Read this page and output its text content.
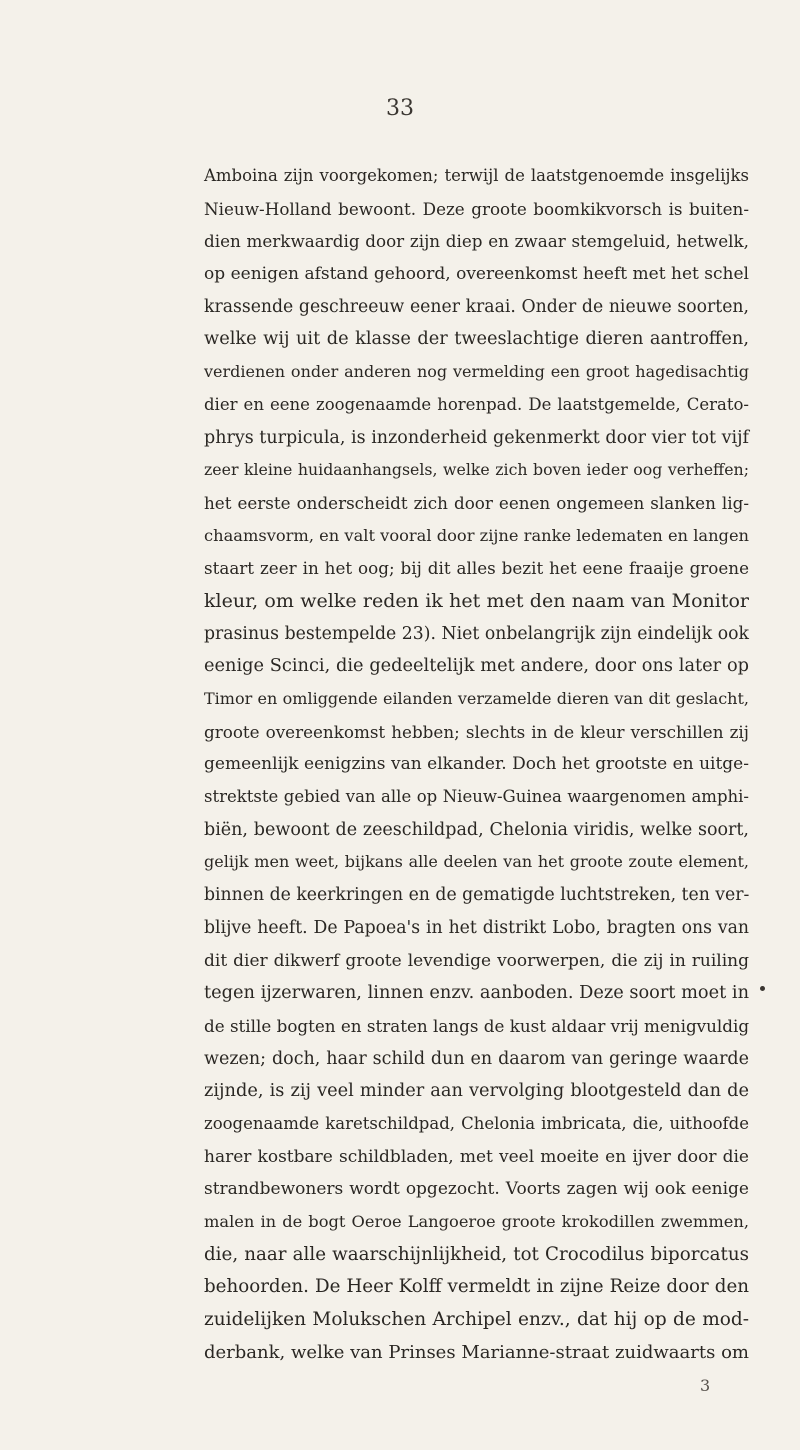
33

Amboina zijn voorgekomen; terwijl de laatstgenoemde insgelijks
Nieuw-Holland bewoont. Deze groote boomkikvorsch is buiten-
dien merkwaardig door zijn diep en zwaar stemgeluid, hetwelk,
op eenigen afstand gehoord, overeenkomst heeft met het schel
krassende geschreeuw eener kraai. Onder de nieuwe soorten,
welke wij uit de klasse der tweeslachtige dieren aantroffen,
verdienen onder anderen nog vermelding een groot hagedisachtig
dier en eene zoogenaamde horenpad. De laatstgemelde, Cerato-
phrys turpicula, is inzonderheid gekenmerkt door vier tot vijf
zeer kleine huidaanhangsels, welke zich boven ieder oog verheffen;
het eerste onderscheidt zich door eenen ongemeen slanken lig-
chaamsvorm, en valt vooral door zijne ranke ledematen en langen
staart zeer in het oog; bij dit alles bezit het eene fraaije groene
kleur, om welke reden ik het met den naam van Monitor
prasinus bestempelde 23). Niet onbelangrijk zijn eindelijk ook
eenige Scinci, die gedeeltelijk met andere, door ons later op
Timor en omliggende eilanden verzamelde dieren van dit geslacht,
groote overeenkomst hebben; slechts in de kleur verschillen zij
gemeenlijk eenigzins van elkander. Doch het grootste en uitge-
strektste gebied van alle op Nieuw-Guinea waargenomen amphi-
biën, bewoont de zeeschildpad, Chelonia viridis, welke soort,
gelijk men weet, bijkans alle deelen van het groote zoute element,
binnen de keerkringen en de gematigde luchtstreken, ten ver-
blijve heeft. De Papoea's in het distrikt Lobo, bragten ons van
dit dier dikwerf groote levendige voorwerpen, die zij in ruiling
tegen ijzerwaren, linnen enzv. aanboden. Deze soort moet in
de stille bogten en straten langs de kust aldaar vrij menigvuldig
wezen; doch, haar schild dun en daarom van geringe waarde
zijnde, is zij veel minder aan vervolging blootgesteld dan de
zoogenaamde karetschildpad, Chelonia imbricata, die, uithoofde
harer kostbare schildbladen, met veel moeite en ijver door die
strandbewoners wordt opgezocht. Voorts zagen wij ook eenige
malen in de bogt Oeroe Langoeroe groote krokodillen zwemmen,
die, naar alle waarschijnlijkheid, tot Crocodilus biporcatus
behoorden. De Heer Kolff vermeldt in zijne Reize door den
zuidelijken Molukschen Archipel enzv., dat hij op de mod-
derbank, welke van Prinses Marianne-straat zuidwaarts om

3
